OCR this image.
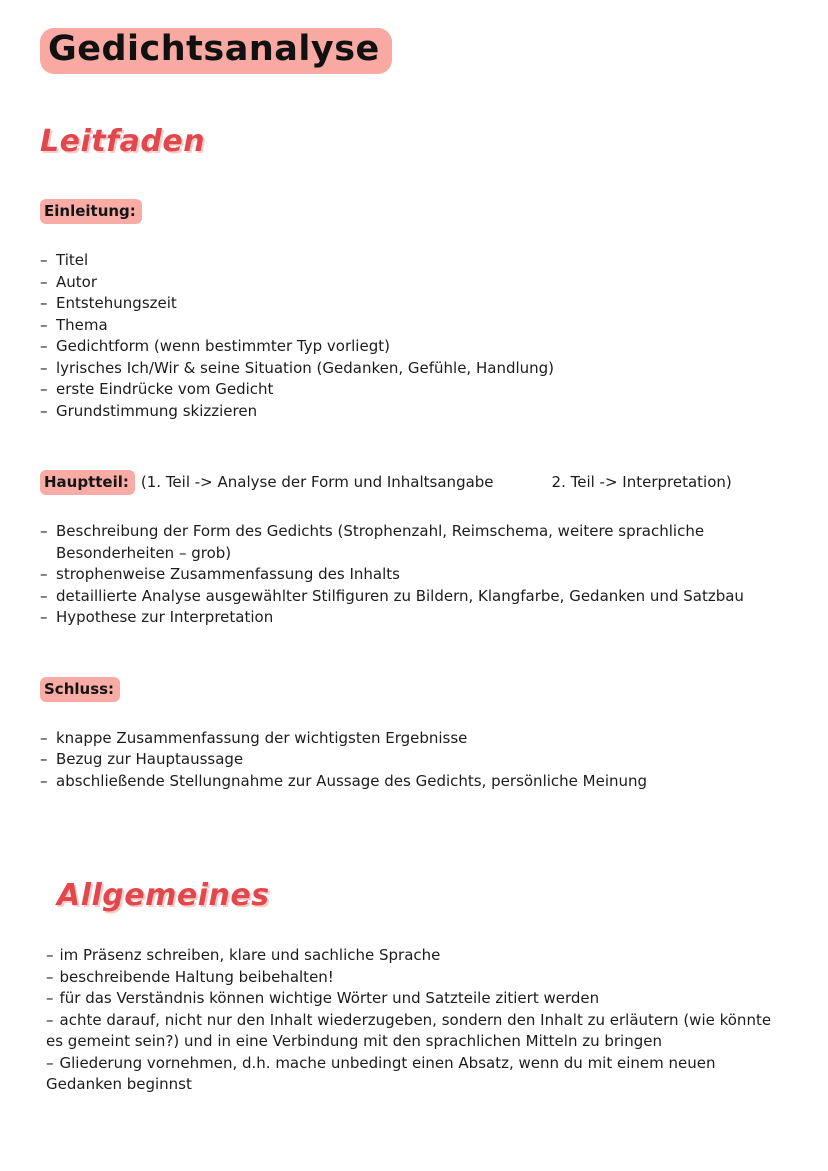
Gedichtsanalyse
Leitfaden
Einleitung:
– Titel
– Autor
– Entstehungszeit
– Thema
– Gedichtform (wenn bestimmter Typ vorliegt)
– lyrisches Ich/Wir & seine Situation (Gedanken, Gefühle, Handlung)
– erste Eindrücke vom Gedicht
– Grundstimmung skizzieren
Hauptteil: (1. Teil -> Analyse der Form und Inhaltsangabe	2. Teil -> Interpretation)
– Beschreibung der Form des Gedichts (Strophenzahl, Reimschema, weitere sprachliche Besonderheiten – grob)
– strophenweise Zusammenfassung des Inhalts
– detaillierte Analyse ausgewählter Stilfiguren zu Bildern, Klangfarbe, Gedanken und Satzbau
– Hypothese zur Interpretation
Schluss:
– knappe Zusammenfassung der wichtigsten Ergebnisse
– Bezug zur Hauptaussage
– abschließende Stellungnahme zur Aussage des Gedichts, persönliche Meinung
Allgemeines

– im Präsenz schreiben, klare und sachliche Sprache

– beschreibende Haltung beibehalten!

– für das Verständnis können wichtige Wörter und Satzteile zitiert werden

– achte darauf, nicht nur den Inhalt wiederzugeben, sondern den Inhalt zu erläutern (wie könnte es gemeint sein?) und in eine Verbindung mit den sprachlichen Mitteln zu bringen

– Gliederung vornehmen, d.h. mache unbedingt einen Absatz, wenn du mit einem neuen Gedanken beginnst
